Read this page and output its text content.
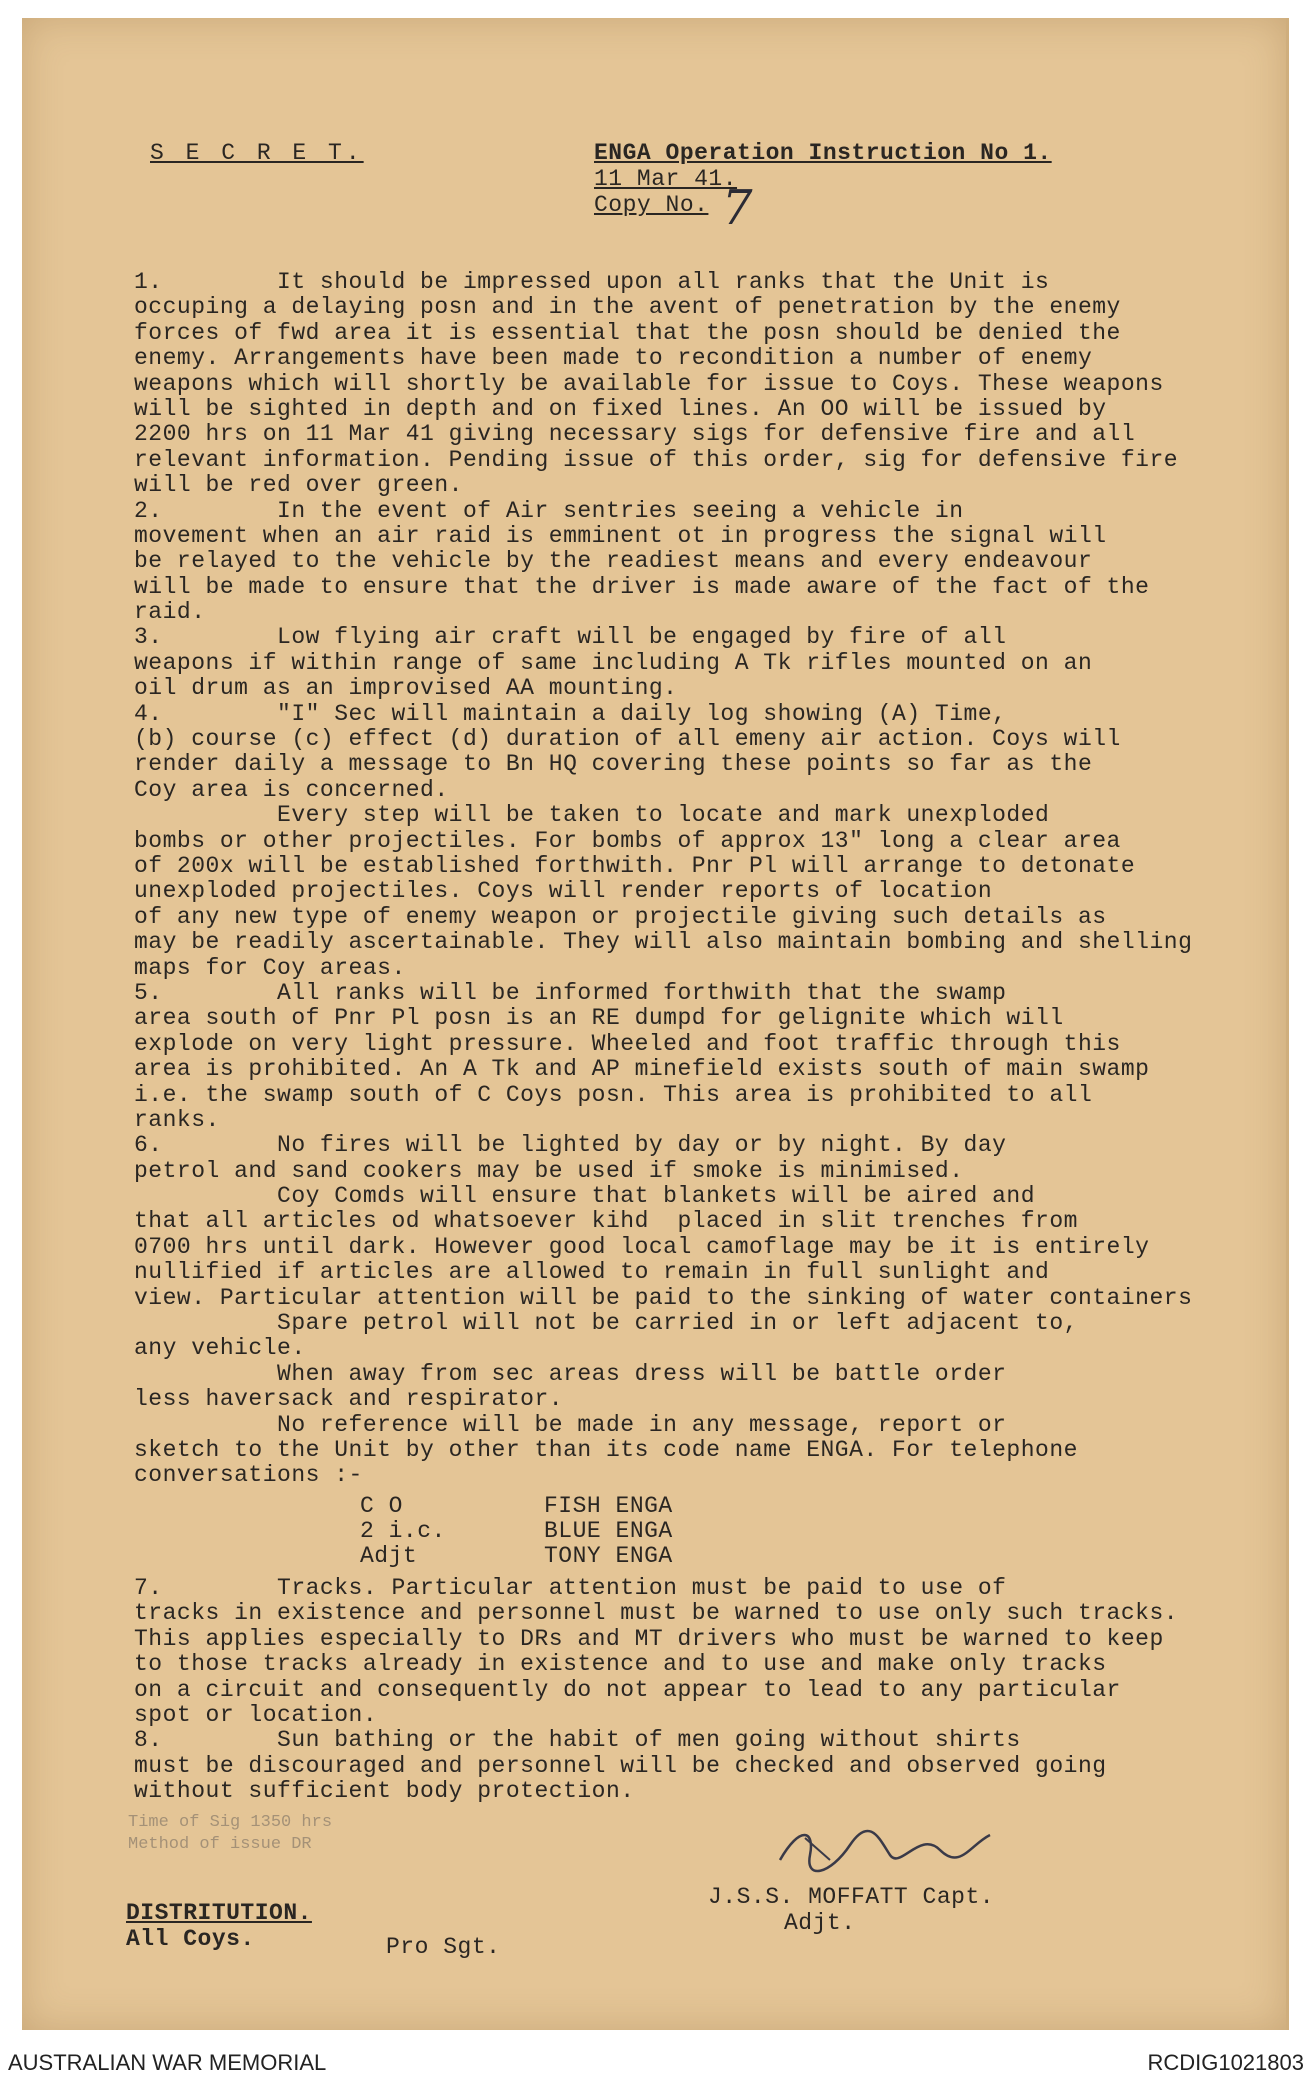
S E C R E T.	ENGA Operation Instruction No 1.
11 Mar 41.
Copy No. 7
1.        It should be impressed upon all ranks that the Unit is
occuping a delaying posn and in the avent of penetration by the enemy
forces of fwd area it is essential that the posn should be denied the
enemy. Arrangements have been made to recondition a number of enemy
weapons which will shortly be available for issue to Coys. These weapons
will be sighted in depth and on fixed lines. An OO will be issued by
2200 hrs on 11 Mar 41 giving necessary sigs for defensive fire and all
relevant information. Pending issue of this order, sig for defensive fire
will be red over green.
2.        In the event of Air sentries seeing a vehicle in
movement when an air raid is emminent ot in progress the signal will
be relayed to the vehicle by the readiest means and every endeavour
will be made to ensure that the driver is made aware of the fact of the
raid.
3.        Low flying air craft will be engaged by fire of all
weapons if within range of same including A Tk rifles mounted on an
oil drum as an improvised AA mounting.
4.        "I" Sec will maintain a daily log showing (A) Time,
(b) course (c) effect (d) duration of all emeny air action. Coys will
render daily a message to Bn HQ covering these points so far as the
Coy area is concerned.
Every step will be taken to locate and mark unexploded
bombs or other projectiles. For bombs of approx 13" long a clear area
of 200x will be established forthwith. Pnr Pl will arrange to detonate
unexploded projectiles. Coys will render reports of location
of any new type of enemy weapon or projectile giving such details as
may be readily ascertainable. They will also maintain bombing and shelling
maps for Coy areas.
5.        All ranks will be informed forthwith that the swamp
area south of Pnr Pl posn is an RE dumpd for gelignite which will
explode on very light pressure. Wheeled and foot traffic through this
area is prohibited. An A Tk and AP minefield exists south of main swamp
i.e. the swamp south of C Coys posn. This area is prohibited to all
ranks.
6.        No fires will be lighted by day or by night. By day
petrol and sand cookers may be used if smoke is minimised.
Coy Comds will ensure that blankets will be aired and
that all articles od whatsoever kihd  placed in slit trenches from
0700 hrs until dark. However good local camoflage may be it is entirely
nullified if articles are allowed to remain in full sunlight and
view. Particular attention will be paid to the sinking of water containers
Spare petrol will not be carried in or left adjacent to,
any vehicle.
When away from sec areas dress will be battle order
less haversack and respirator.
No reference will be made in any message, report or
sketch to the Unit by other than its code name ENGA. For telephone
conversations :-
C O	FISH ENGA
2 i.c.	BLUE ENGA
Adjt	TONY ENGA
7.        Tracks. Particular attention must be paid to use of
tracks in existence and personnel must be warned to use only such tracks.
This applies especially to DRs and MT drivers who must be warned to keep
to those tracks already in existence and to use and make only tracks
on a circuit and consequently do not appear to lead to any particular
spot or location.
8.        Sun bathing or the habit of men going without shirts
must be discouraged and personnel will be checked and observed going
without sufficient body protection.
Time of Sig 1350 hrs
Method of issue DR
J.S.S. MOFFATT Capt.
Adjt.
DISTRITUTION.
All Coys.	Pro Sgt.
AUSTRALIAN WAR MEMORIAL	RCDIG1021803
